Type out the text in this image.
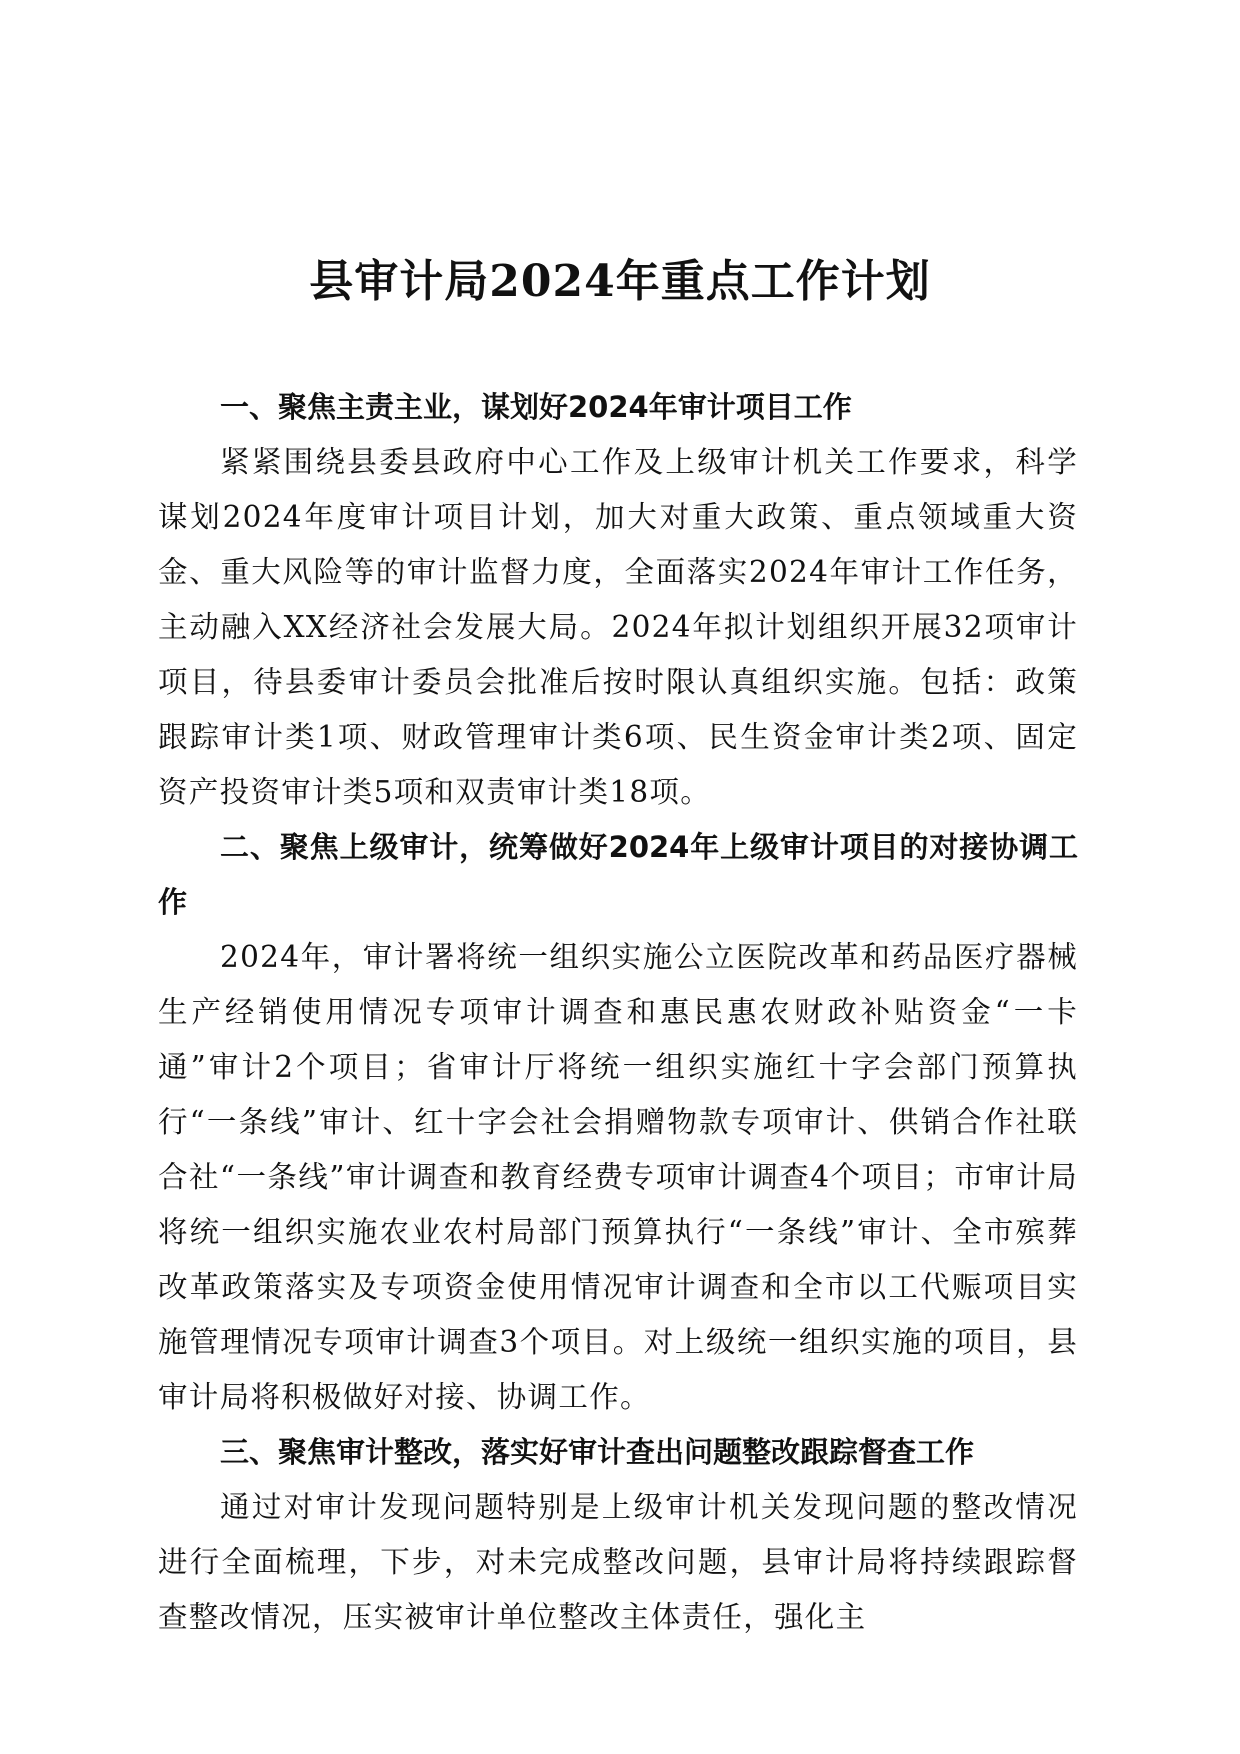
县审计局2024年重点工作计划

一、聚焦主责主业，谋划好2024年审计项目工作

紧紧围绕县委县政府中心工作及上级审计机关工作要求，科学谋划2024年度审计项目计划，加大对重大政策、重点领域重大资金、重大风险等的审计监督力度，全面落实2024年审计工作任务，主动融入XX经济社会发展大局。2024年拟计划组织开展32项审计项目，待县委审计委员会批准后按时限认真组织实施。包括：政策跟踪审计类1项、财政管理审计类6项、民生资金审计类2项、固定资产投资审计类5项和双责审计类18项。

二、聚焦上级审计，统筹做好2024年上级审计项目的对接协调工作

2024年，审计署将统一组织实施公立医院改革和药品医疗器械生产经销使用情况专项审计调查和惠民惠农财政补贴资金“一卡通”审计2个项目；省审计厅将统一组织实施红十字会部门预算执行“一条线”审计、红十字会社会捐赠物款专项审计、供销合作社联合社“一条线”审计调查和教育经费专项审计调查4个项目；市审计局将统一组织实施农业农村局部门预算执行“一条线”审计、全市殡葬改革政策落实及专项资金使用情况审计调查和全市以工代赈项目实施管理情况专项审计调查3个项目。对上级统一组织实施的项目，县审计局将积极做好对接、协调工作。

三、聚焦审计整改，落实好审计查出问题整改跟踪督查工作

通过对审计发现问题特别是上级审计机关发现问题的整改情况进行全面梳理，下步，对未完成整改问题，县审计局将持续跟踪督查整改情况，压实被审计单位整改主体责任，强化主
